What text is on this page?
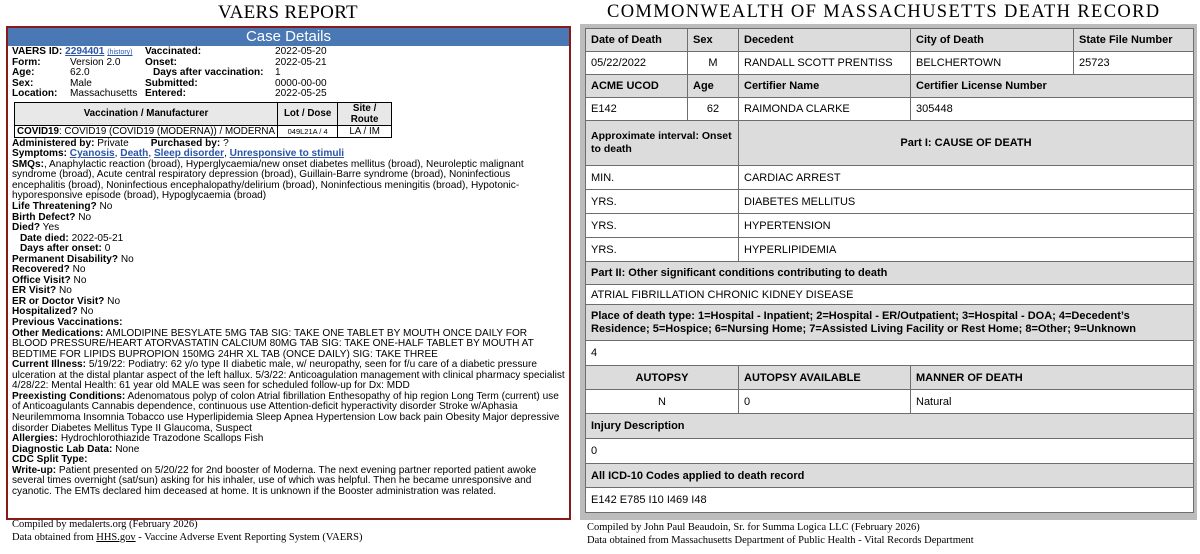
VAERS REPORT
Case Details
VAERS ID: 2294401 (history)	Vaccinated:	2022-05-20
Form:	Version 2.0	Onset:	2022-05-21
Age:	62.0	Days after vaccination:	1
Sex:	Male	Submitted:	0000-00-00
Location:	Massachusetts Entered:	2022-05-25
Vaccination / Manufacturer	Lot / Dose	Site / Route
COVID19: COVID19 (COVID19 (MODERNA)) / MODERNA	049L21A / 4	LA / IM
Administered by: Private Purchased by: ?
Symptoms: Cyanosis, Death, Sleep disorder, Unresponsive to stimuli
SMQs:, Anaphylactic reaction (broad), Hyperglycaemia/new onset diabetes mellitus (broad), Neuroleptic malignant syndrome (broad), Acute central respiratory depression (broad), Guillain-Barre syndrome (broad), Noninfectious encephalitis (broad), Noninfectious encephalopathy/delirium (broad), Noninfectious meningitis (broad), Hypotonic-hyporesponsive episode (broad), Hypoglycaemia (broad)
Life Threatening? No
Birth Defect? No
Died? Yes
Date died: 2022-05-21
Days after onset: 0
Permanent Disability? No
Recovered? No
Office Visit? No
ER Visit? No
ER or Doctor Visit? No
Hospitalized? No
Previous Vaccinations:
Other Medications: AMLODIPINE BESYLATE 5MG TAB SIG: TAKE ONE TABLET BY MOUTH ONCE DAILY FOR BLOOD PRESSURE/HEART ATORVASTATIN CALCIUM 80MG TAB SIG: TAKE ONE-HALF TABLET BY MOUTH AT BEDTIME FOR LIPIDS BUPROPION 150MG 24HR XL TAB (ONCE DAILY) SIG: TAKE THREE
Current Illness: 5/19/22: Podiatry: 62 y/o type II diabetic male, w/ neuropathy, seen for f/u care of a diabetic pressure ulceration at the distal plantar aspect of the left hallux. 5/3/22: Anticoagulation management with clinical pharmacy specialist 4/28/22: Mental Health: 61 year old MALE was seen for scheduled follow-up for Dx: MDD
Preexisting Conditions: Adenomatous polyp of colon Atrial fibrillation Enthesopathy of hip region Long Term (current) use of Anticoagulants Cannabis dependence, continuous use Attention-deficit hyperactivity disorder Stroke w/Aphasia Neurilemmoma Insomnia Tobacco use Hyperlipidemia Sleep Apnea Hypertension Low back pain Obesity Major depressive disorder Diabetes Mellitus Type II Glaucoma, Suspect
Allergies: Hydrochlorothiazide Trazodone Scallops Fish
Diagnostic Lab Data: None
CDC Split Type:
Write-up: Patient presented on 5/20/22 for 2nd booster of Moderna. The next evening partner reported patient awoke several times overnight (sat/sun) asking for his inhaler, use of which was helpful. Then he became unresponsive and cyanotic. The EMTs declared him deceased at home. It is unknown if the Booster administration was related.
Compiled by medalerts.org (February 2026)
Data obtained from HHS.gov - Vaccine Adverse Event Reporting System (VAERS)
COMMONWEALTH OF MASSACHUSETTS DEATH RECORD
Date of Death	Sex	Decedent	City of Death	State File Number
05/22/2022	M	RANDALL SCOTT PRENTISS	BELCHERTOWN	25723
ACME UCOD	Age	Certifier Name	Certifier License Number	
E142	62	RAIMONDA CLARKE	305448	
Approximate interval: Onset to death		Part I: CAUSE OF DEATH		
MIN.		CARDIAC ARREST		
YRS.		DIABETES MELLITUS		
YRS.		HYPERTENSION		
YRS.		HYPERLIPIDEMIA		
Part II: Other significant conditions contributing to death				
ATRIAL FIBRILLATION CHRONIC KIDNEY DISEASE				
Place of death type: 1=Hospital - Inpatient; 2=Hospital - ER/Outpatient; 3=Hospital - DOA; 4=Decedent’s Residence; 5=Hospice; 6=Nursing Home; 7=Assisted Living Facility or Rest Home; 8=Other; 9=Unknown				
4				
AUTOPSY		AUTOPSY AVAILABLE	MANNER OF DEATH	
N		0	Natural	
Injury Description				
0				
All ICD-10 Codes applied to death record				
E142 E785 I10 I469 I48				
Compiled by John Paul Beaudoin, Sr. for Summa Logica LLC (February 2026)
Data obtained from Massachusetts Department of Public Health - Vital Records Department
